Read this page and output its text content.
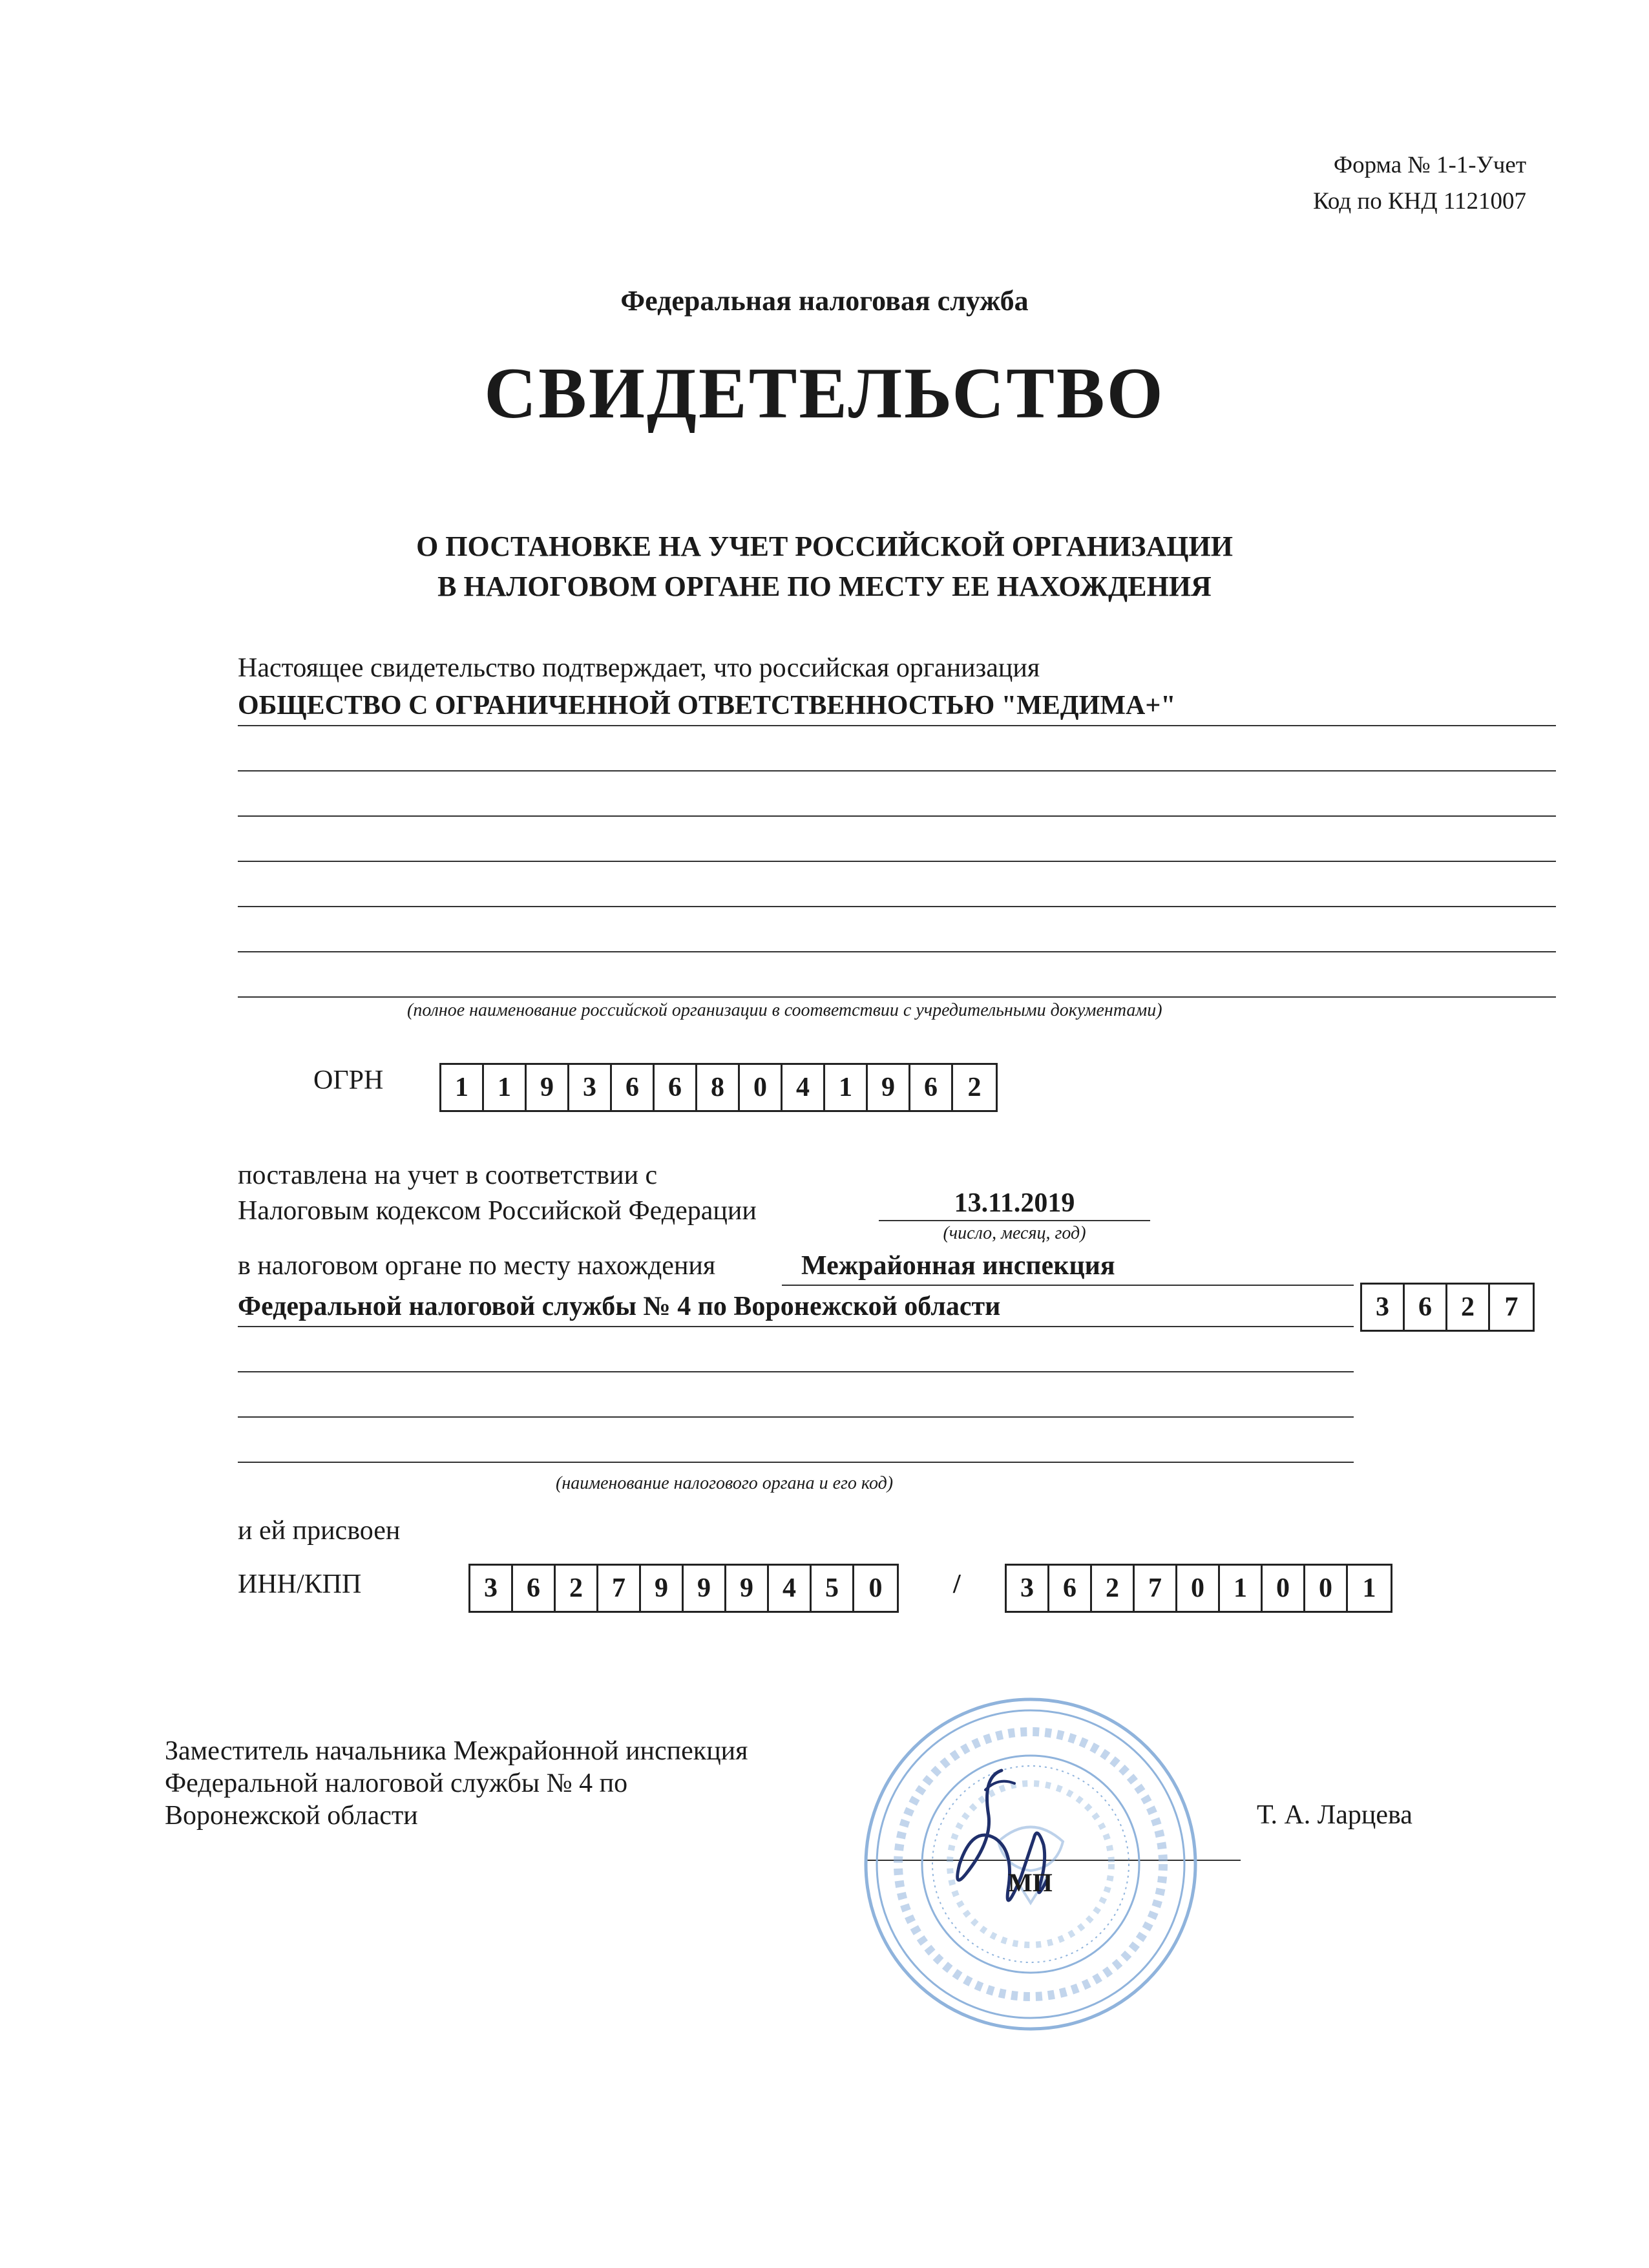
Форма № 1-1-Учет
Код по КНД 1121007
Федеральная налоговая служба
СВИДЕТЕЛЬСТВО
О ПОСТАНОВКЕ НА УЧЕТ РОССИЙСКОЙ ОРГАНИЗАЦИИ
В НАЛОГОВОМ ОРГАНЕ ПО МЕСТУ ЕЕ НАХОЖДЕНИЯ
Настоящее свидетельство подтверждает, что российская организация
ОБЩЕСТВО С ОГРАНИЧЕННОЙ ОТВЕТСТВЕННОСТЬЮ "МЕДИМА+"
(полное наименование российской организации в соответствии с учредительными документами)
ОГРН	1	1	9	3	6	6	8	0	4	1	9	6	2
поставлена на учет в соответствии с
Налоговым кодексом Российской Федерации	13.11.2019
(число, месяц, год)
в налоговом органе по месту нахождения	Межрайонная инспекция
Федеральной налоговой службы № 4 по Воронежской области	3	6	2	7
(наименование налогового органа и его код)
и ей присвоен
ИНН/КПП	3	6	2	7	9	9	9	4	5	0	/	3	6	2	7	0	1	0	0	1
Заместитель начальника Межрайонной инспекция
Федеральной налоговой службы № 4 по
Воронежской области	Т. А. Ларцева
МП
